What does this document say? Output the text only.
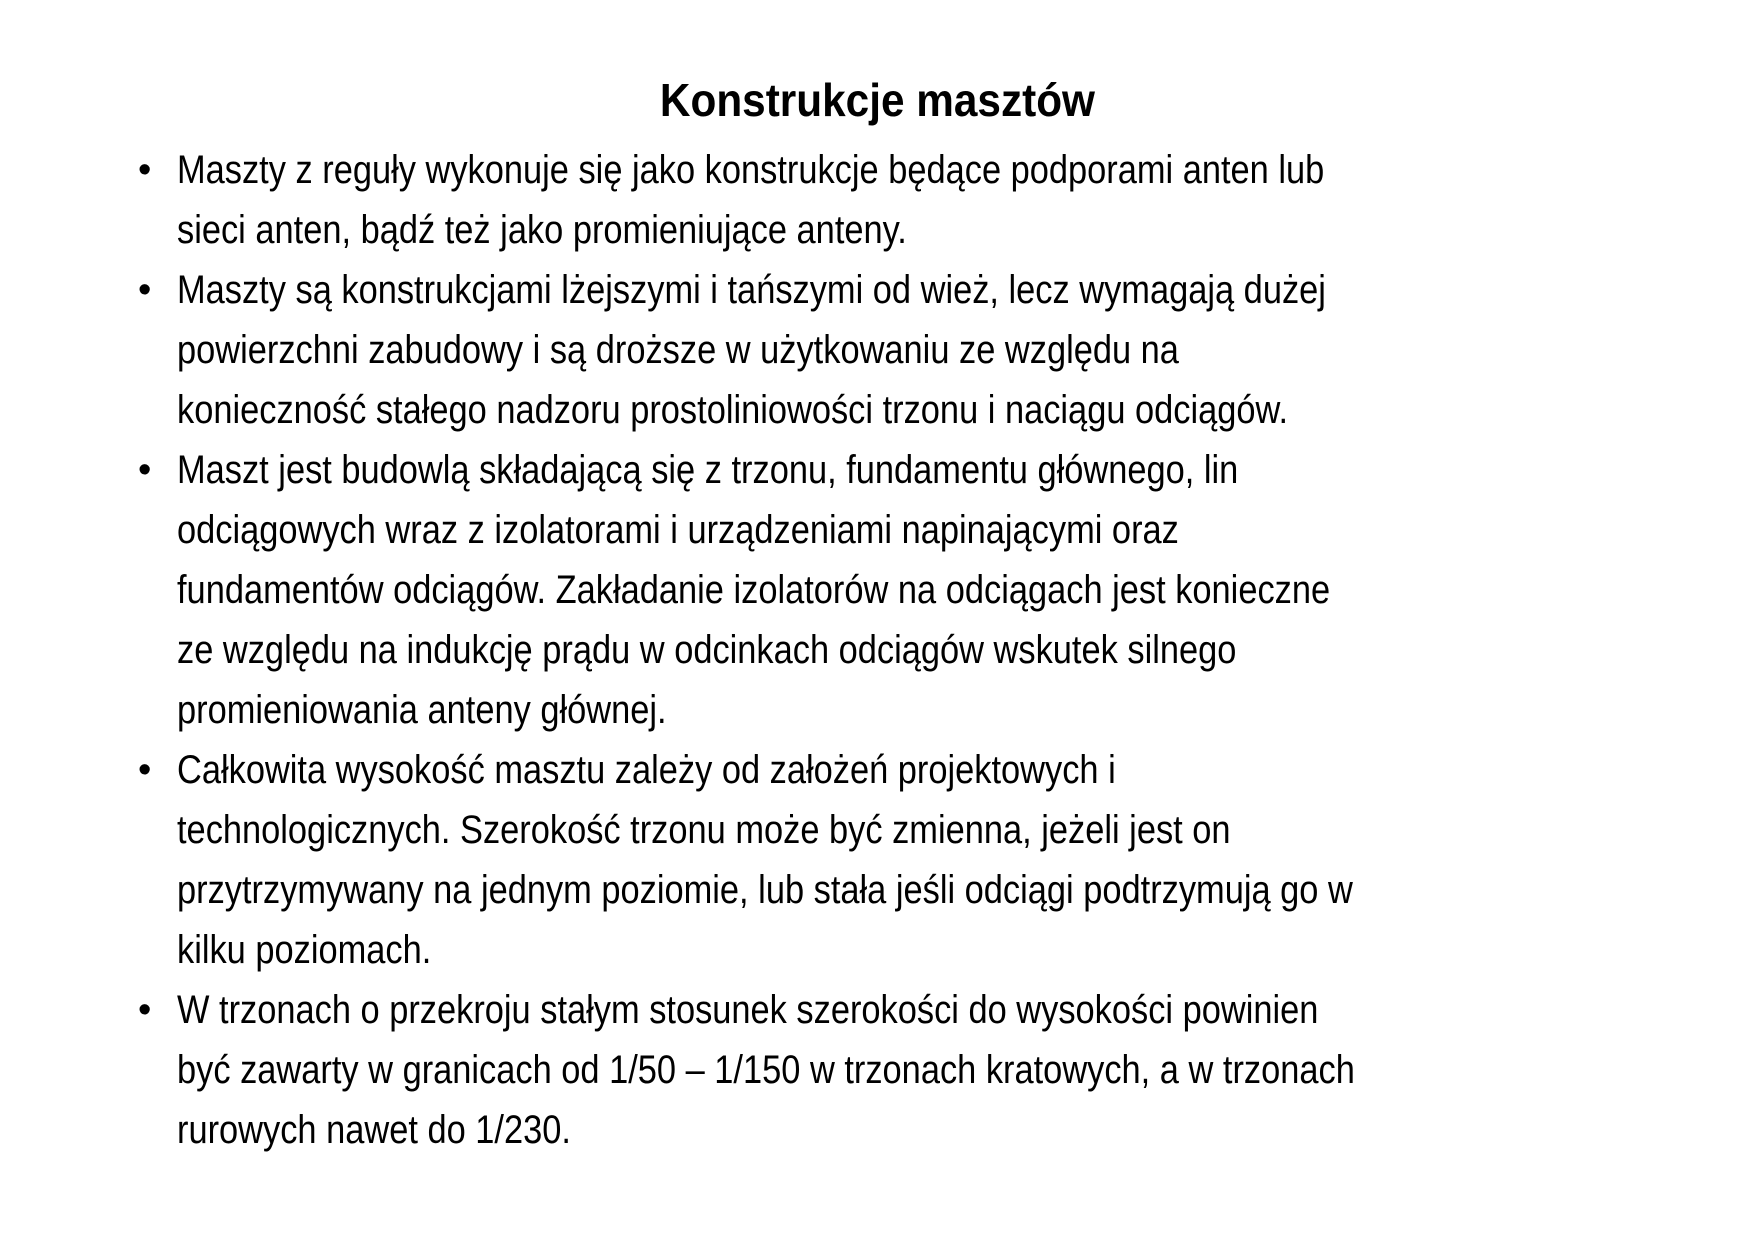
Konstrukcje masztów
• Maszty z reguły wykonuje się jako konstrukcje będące podporami anten lub
sieci anten, bądź też jako promieniujące anteny.
• Maszty są konstrukcjami lżejszymi i tańszymi od wież, lecz wymagają dużej
powierzchni zabudowy i są droższe w użytkowaniu ze względu na
konieczność stałego nadzoru prostoliniowości trzonu i naciągu odciągów.
• Maszt jest budowlą składającą się z trzonu, fundamentu głównego, lin
odciągowych wraz z izolatorami i urządzeniami napinającymi oraz
fundamentów odciągów. Zakładanie izolatorów na odciągach jest konieczne
ze względu na indukcję prądu w odcinkach odciągów wskutek silnego
promieniowania anteny głównej.
• Całkowita wysokość masztu zależy od założeń projektowych i
technologicznych. Szerokość trzonu może być zmienna, jeżeli jest on
przytrzymywany na jednym poziomie, lub stała jeśli odciągi podtrzymują go w
kilku poziomach.
• W trzonach o przekroju stałym stosunek szerokości do wysokości powinien
być zawarty w granicach od 1/50 – 1/150 w trzonach kratowych, a w trzonach
rurowych nawet do 1/230.
